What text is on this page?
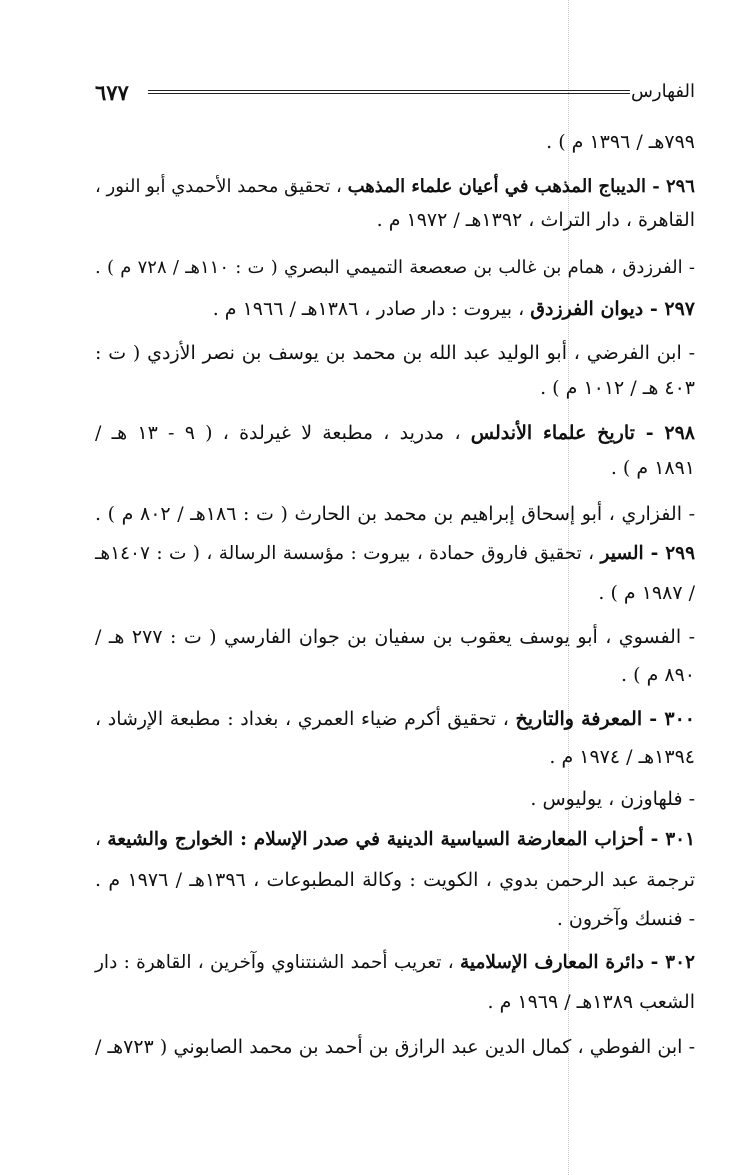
٦٧٧	الفهارس
٧٩٩هـ / ١٣٩٦ م ) .
٢٩٦ - الديباج المذهب في أعيان علماء المذهب ، تحقيق محمد الأحمدي أبو النور ،
القاهرة ، دار التراث ، ١٣٩٢هـ / ١٩٧٢ م .
- الفرزدق ، همام بن غالب بن صعصعة التميمي البصري ( ت : ١١٠هـ / ٧٢٨ م ) .
٢٩٧ - ديوان الفرزدق ، بيروت : دار صادر ، ١٣٨٦هـ / ١٩٦٦ م .
- ابن الفرضي ، أبو الوليد عبد الله بن محمد بن يوسف بن نصر الأزدي ( ت :
٤٠٣ هـ / ١٠١٢ م ) .
٢٩٨ - تاريخ علماء الأندلس ، مدريد ، مطبعة لا غيرلدة ، ( ٩ - ١٣ هـ /
١٨٩١ م ) .
- الفزاري ، أبو إسحاق إبراهيم بن محمد بن الحارث ( ت : ١٨٦هـ / ٨٠٢ م ) .
٢٩٩ - السير ، تحقيق فاروق حمادة ، بيروت : مؤسسة الرسالة ، ( ت : ١٤٠٧هـ
/ ١٩٨٧ م ) .
- الفسوي ، أبو يوسف يعقوب بن سفيان بن جوان الفارسي ( ت : ٢٧٧ هـ /
٨٩٠ م ) .
٣٠٠ - المعرفة والتاريخ ، تحقيق أكرم ضياء العمري ، بغداد : مطبعة الإرشاد ،
١٣٩٤هـ / ١٩٧٤ م .
- فلهاوزن ، يوليوس .
٣٠١ - أحزاب المعارضة السياسية الدينية في صدر الإسلام : الخوارج والشيعة ،
ترجمة عبد الرحمن بدوي ، الكويت : وكالة المطبوعات ، ١٣٩٦هـ / ١٩٧٦ م .
- فنسك وآخرون .
٣٠٢ - دائرة المعارف الإسلامية ، تعريب أحمد الشنتناوي وآخرين ، القاهرة : دار
الشعب ١٣٨٩هـ / ١٩٦٩ م .
- ابن الفوطي ، كمال الدين عبد الرازق بن أحمد بن محمد الصابوني ( ٧٢٣هـ /
